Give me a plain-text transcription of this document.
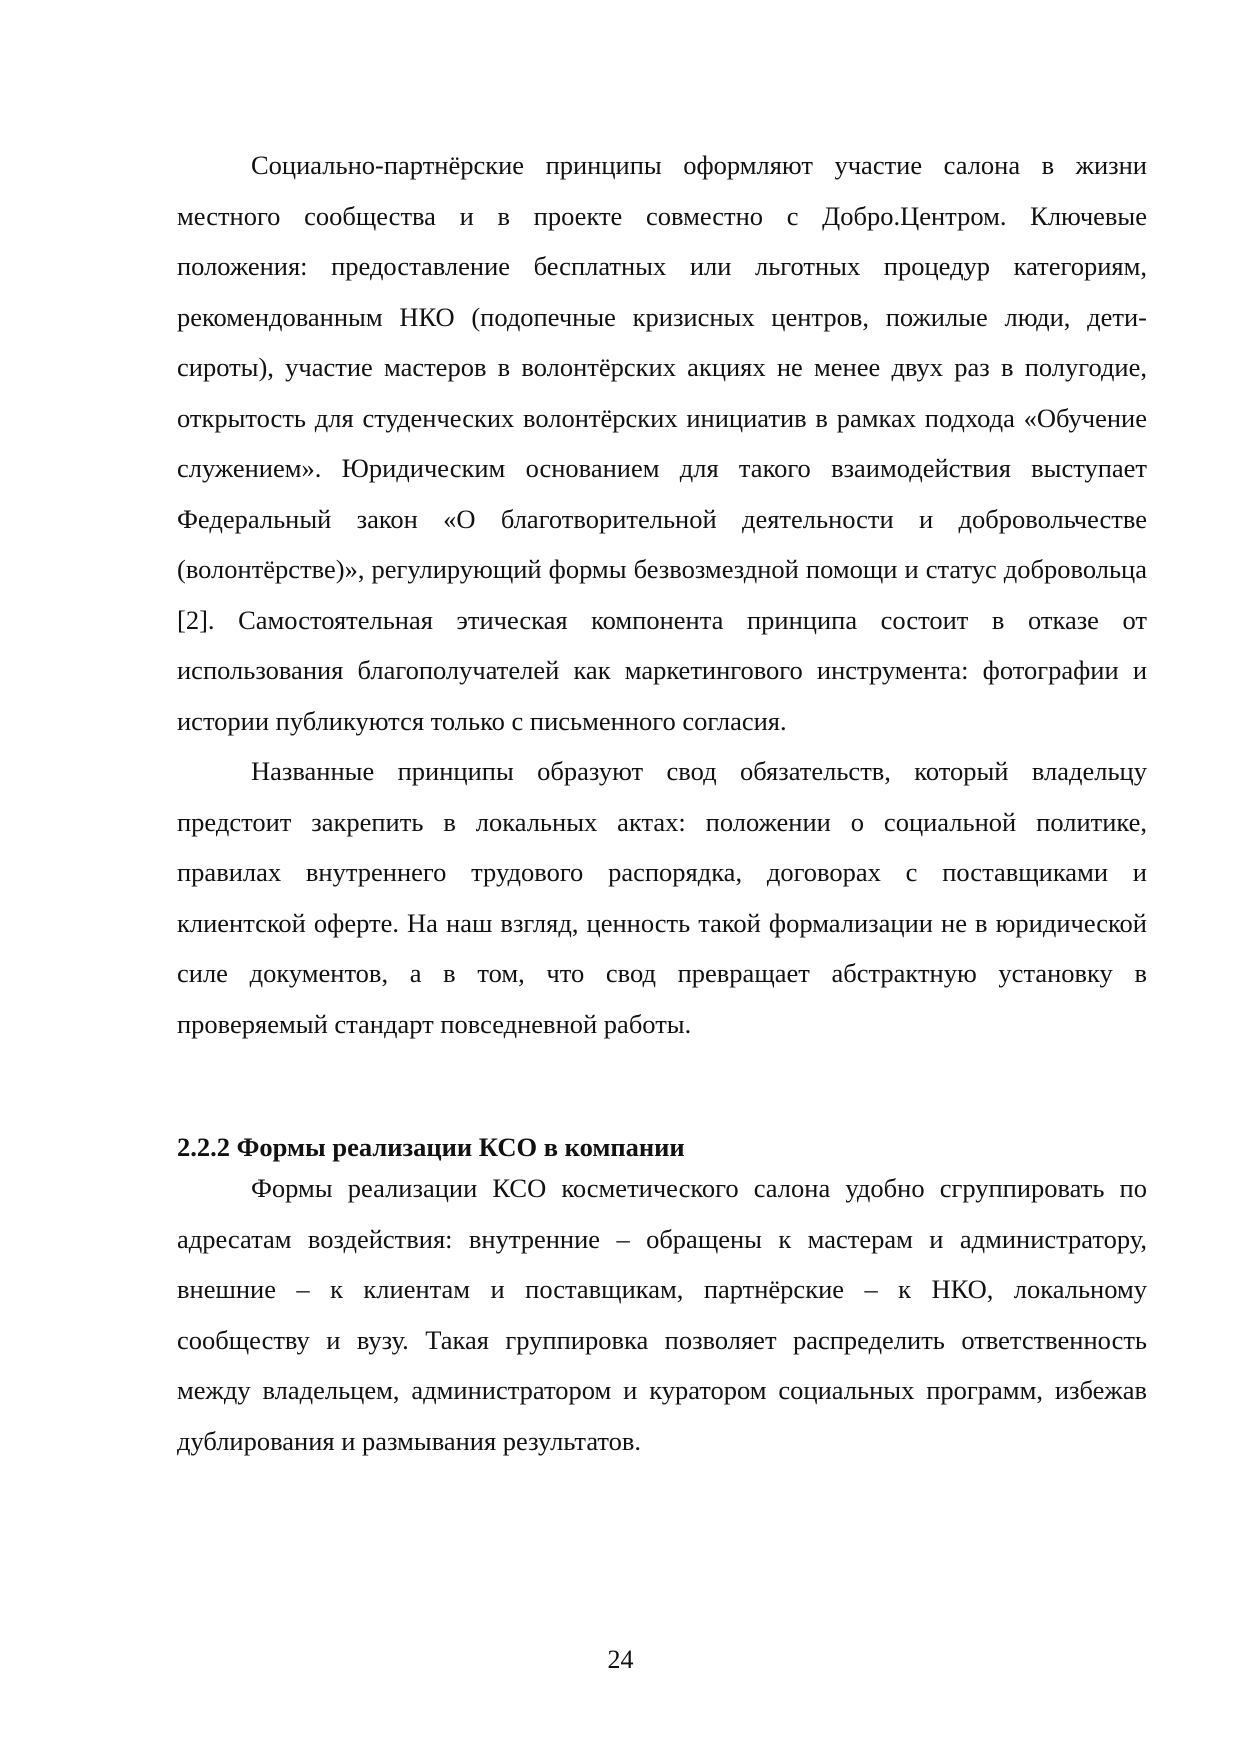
Социально-партнёрские принципы оформляют участие салона в жизни местного сообщества и в проекте совместно с Добро.Центром. Ключевые положения: предоставление бесплатных или льготных процедур категориям, рекомендованным НКО (подопечные кризисных центров, пожилые люди, дети-сироты), участие мастеров в волонтёрских акциях не менее двух раз в полугодие, открытость для студенческих волонтёрских инициатив в рамках подхода «Обучение служением». Юридическим основанием для такого взаимодействия выступает Федеральный закон «О благотворительной деятельности и добровольчестве (волонтёрстве)», регулирующий формы безвозмездной помощи и статус добровольца [2]. Самостоятельная этическая компонента принципа состоит в отказе от использования благополучателей как маркетингового инструмента: фотографии и истории публикуются только с письменного согласия.

Названные принципы образуют свод обязательств, который владельцу предстоит закрепить в локальных актах: положении о социальной политике, правилах внутреннего трудового распорядка, договорах с поставщиками и клиентской оферте. На наш взгляд, ценность такой формализации не в юридической силе документов, а в том, что свод превращает абстрактную установку в проверяемый стандарт повседневной работы.

2.2.2 Формы реализации КСО в компании

Формы реализации КСО косметического салона удобно сгруппировать по адресатам воздействия: внутренние – обращены к мастерам и администратору, внешние – к клиентам и поставщикам, партнёрские – к НКО, локальному сообществу и вузу. Такая группировка позволяет распределить ответственность между владельцем, администратором и куратором социальных программ, избежав дублирования и размывания результатов.

24
